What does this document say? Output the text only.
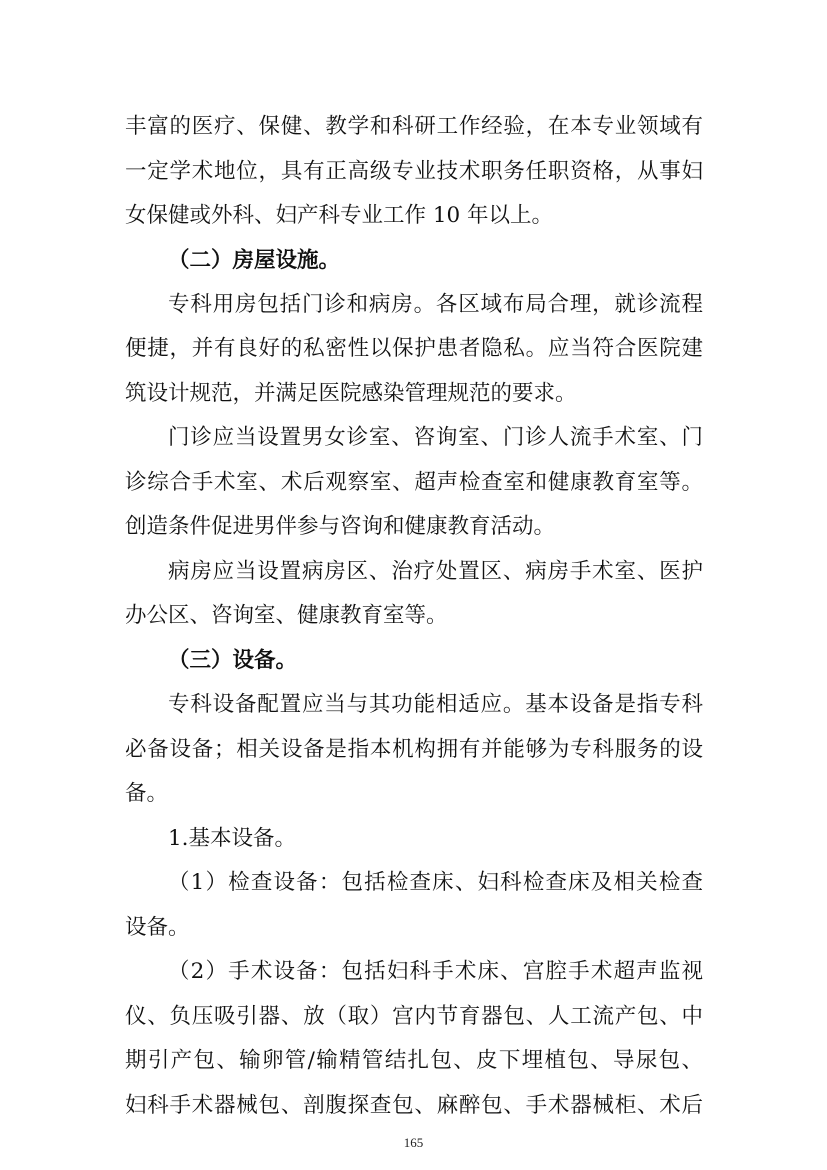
丰富的医疗、保健、教学和科研工作经验，在本专业领域有
一定学术地位，具有正高级专业技术职务任职资格，从事妇
女保健或外科、妇产科专业工作 10 年以上。
（二）房屋设施。
专科用房包括门诊和病房。各区域布局合理，就诊流程
便捷，并有良好的私密性以保护患者隐私。应当符合医院建
筑设计规范，并满足医院感染管理规范的要求。
门诊应当设置男女诊室、咨询室、门诊人流手术室、门
诊综合手术室、术后观察室、超声检查室和健康教育室等。
创造条件促进男伴参与咨询和健康教育活动。
病房应当设置病房区、治疗处置区、病房手术室、医护
办公区、咨询室、健康教育室等。
（三）设备。
专科设备配置应当与其功能相适应。基本设备是指专科
必备设备；相关设备是指本机构拥有并能够为专科服务的设
备。
1.基本设备。
（1）检查设备：包括检查床、妇科检查床及相关检查
设备。
（2）手术设备：包括妇科手术床、宫腔手术超声监视
仪、负压吸引器、放（取）宫内节育器包、人工流产包、中
期引产包、输卵管/输精管结扎包、皮下埋植包、导尿包、
妇科手术器械包、剖腹探查包、麻醉包、手术器械柜、术后
165
